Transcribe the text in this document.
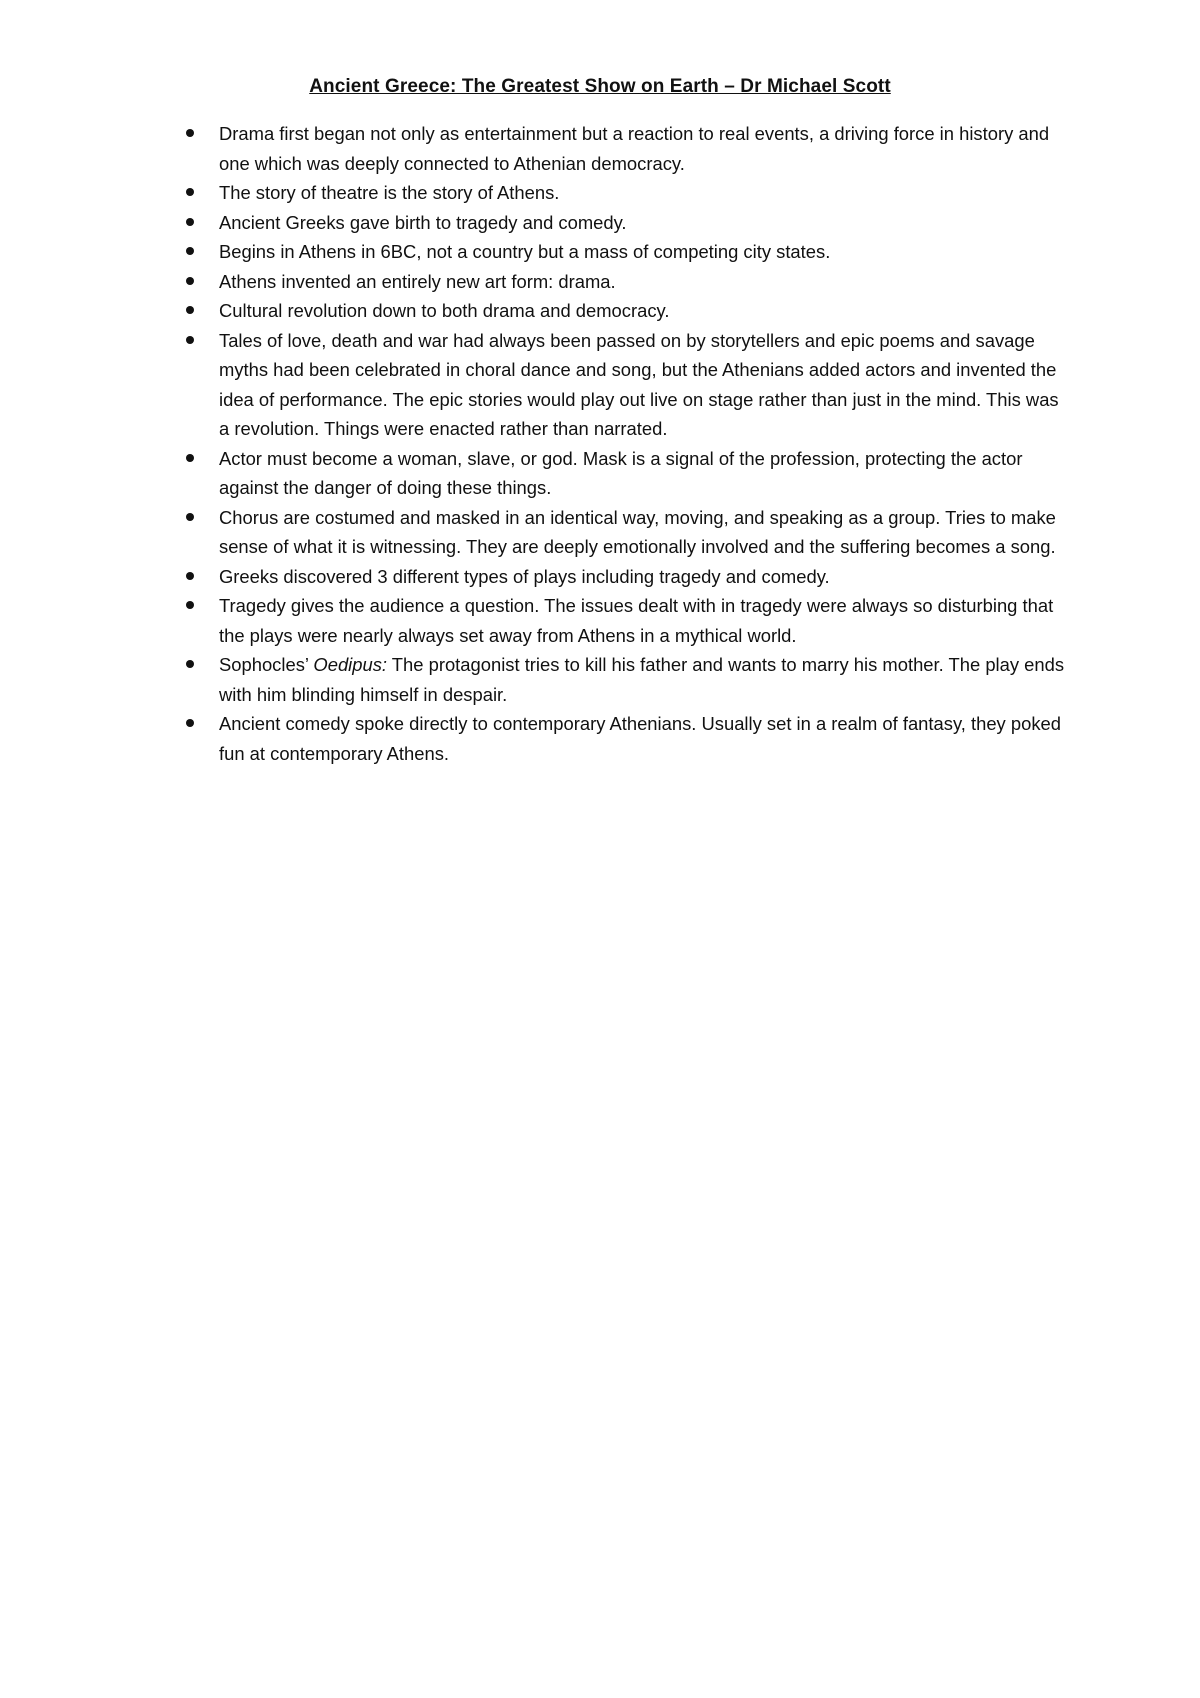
Ancient Greece: The Greatest Show on Earth – Dr Michael Scott
Drama first began not only as entertainment but a reaction to real events, a driving force in history and one which was deeply connected to Athenian democracy.
The story of theatre is the story of Athens.
Ancient Greeks gave birth to tragedy and comedy.
Begins in Athens in 6BC, not a country but a mass of competing city states.
Athens invented an entirely new art form: drama.
Cultural revolution down to both drama and democracy.
Tales of love, death and war had always been passed on by storytellers and epic poems and savage myths had been celebrated in choral dance and song, but the Athenians added actors and invented the idea of performance. The epic stories would play out live on stage rather than just in the mind. This was a revolution. Things were enacted rather than narrated.
Actor must become a woman, slave, or god. Mask is a signal of the profession, protecting the actor against the danger of doing these things.
Chorus are costumed and masked in an identical way, moving, and speaking as a group. Tries to make sense of what it is witnessing. They are deeply emotionally involved and the suffering becomes a song.
Greeks discovered 3 different types of plays including tragedy and comedy.
Tragedy gives the audience a question. The issues dealt with in tragedy were always so disturbing that the plays were nearly always set away from Athens in a mythical world.
Sophocles’ Oedipus: The protagonist tries to kill his father and wants to marry his mother. The play ends with him blinding himself in despair.
Ancient comedy spoke directly to contemporary Athenians. Usually set in a realm of fantasy, they poked fun at contemporary Athens.
